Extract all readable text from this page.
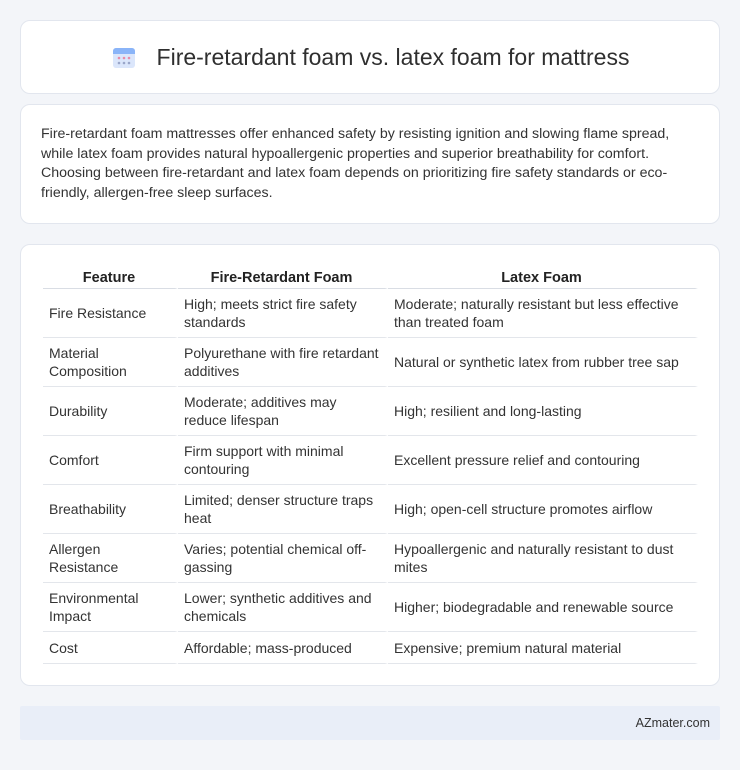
Fire-retardant foam vs. latex foam for mattress

Fire-retardant foam mattresses offer enhanced safety by resisting ignition and slowing flame spread, while latex foam provides natural hypoallergenic properties and superior breathability for comfort. Choosing between fire-retardant and latex foam depends on prioritizing fire safety standards or eco-friendly, allergen-free sleep surfaces.

Feature	Fire-Retardant Foam	Latex Foam
Fire Resistance	High; meets strict fire safety standards	Moderate; naturally resistant but less effective than treated foam
Material Composition	Polyurethane with fire retardant additives	Natural or synthetic latex from rubber tree sap
Durability	Moderate; additives may reduce lifespan	High; resilient and long-lasting
Comfort	Firm support with minimal contouring	Excellent pressure relief and contouring
Breathability	Limited; denser structure traps heat	High; open-cell structure promotes airflow
Allergen Resistance	Varies; potential chemical off-gassing	Hypoallergenic and naturally resistant to dust mites
Environmental Impact	Lower; synthetic additives and chemicals	Higher; biodegradable and renewable source
Cost	Affordable; mass-produced	Expensive; premium natural material
AZmater.com
